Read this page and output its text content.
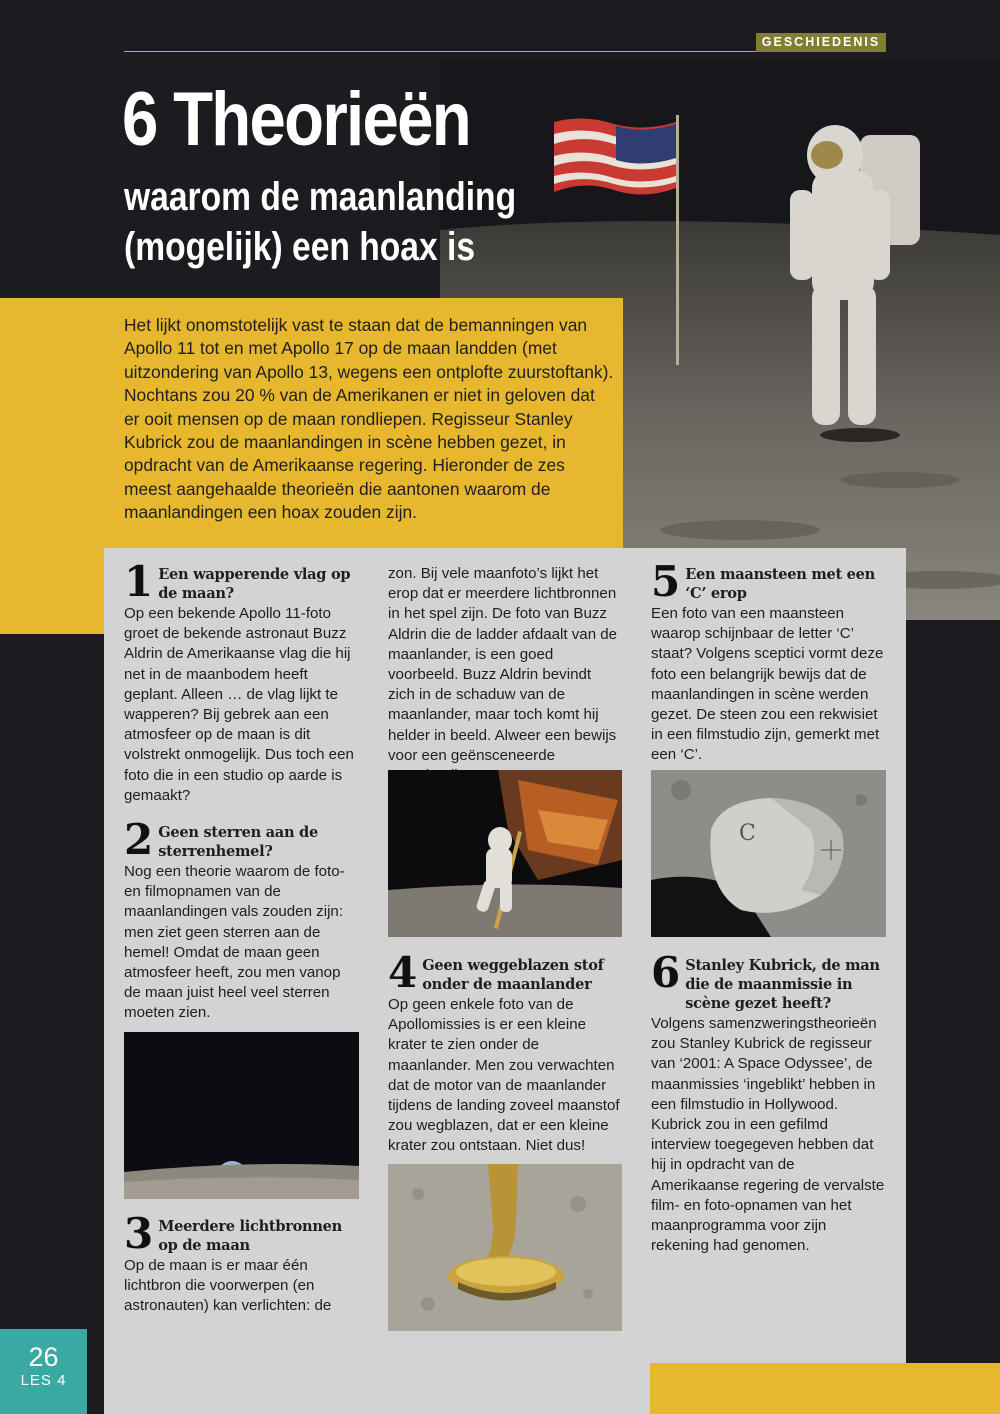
GESCHIEDENIS
6 Theorieën
waarom de maanlanding
(mogelijk) een hoax is

Het lijkt onomstotelijk vast te staan dat de bemanningen van Apollo 11 tot en met Apollo 17 op de maan landden (met uitzondering van Apollo 13, wegens een ontplofte zuurstoftank). Nochtans zou 20 % van de Amerikanen er niet in geloven dat er ooit mensen op de maan rondliepen. Regisseur Stanley Kubrick zou de maanlandingen in scène hebben gezet, in opdracht van de Amerikaanse regering. Hieronder de zes meest aangehaalde theorieën die aantonen waarom de maanlandingen een hoax zouden zijn.

1 Een wapperende vlag op de maan?

Op een bekende Apollo 11-foto groet de bekende astronaut Buzz Aldrin de Amerikaanse vlag die hij net in de maanbodem heeft geplant. Alleen … de vlag lijkt te wapperen? Bij gebrek aan een atmosfeer op de maan is dit volstrekt onmogelijk. Dus toch een foto die in een studio op aarde is gemaakt?

2 Geen sterren aan de sterrenhemel?

Nog een theorie waarom de foto- en filmopnamen van de maanlandingen vals zouden zijn: men ziet geen sterren aan de hemel! Omdat de maan geen atmosfeer heeft, zou men vanop de maan juist heel veel sterren moeten zien.

3 Meerdere lichtbronnen op de maan

Op de maan is er maar één lichtbron die voorwerpen (en astronauten) kan verlichten: de

zon. Bij vele maanfoto’s lijkt het erop dat er meerdere lichtbronnen in het spel zijn. De foto van Buzz Aldrin die de ladder afdaalt van de maanlander, is een goed voorbeeld. Buzz Aldrin bevindt zich in de schaduw van de maanlander, maar toch komt hij helder in beeld. Alweer een bewijs voor een geënsceneerde

4 Geen weggeblazen stof onder de maanlander

Op geen enkele foto van de Apollomissies is er een kleine krater te zien onder de maanlander. Men zou verwachten dat de motor van de maanlander tijdens de landing zoveel maanstof zou wegblazen, dat er een kleine krater zou ontstaan. Niet dus!

5 Een maansteen met een ‘C’ erop

Een foto van een maansteen waarop schijnbaar de letter ‘C’ staat? Volgens sceptici vormt deze foto een belangrijk bewijs dat de maanlandingen in scène werden gezet. De steen zou een rekwisiet in een filmstudio zijn, gemerkt met een ‘C’.

C
6 Stanley Kubrick, de man die de maanmissie in scène gezet heeft?

Volgens samenzweringstheorieën zou Stanley Kubrick de regisseur van ‘2001: A Space Odyssee’, de maanmissies ‘ingeblikt’ hebben in een filmstudio in Hollywood. Kubrick zou in een gefilmd interview toegegeven hebben dat hij in opdracht van de Amerikaanse regering de vervalste film- en foto-opnamen van het maanprogramma voor zijn rekening had genomen.

26
LES 4
